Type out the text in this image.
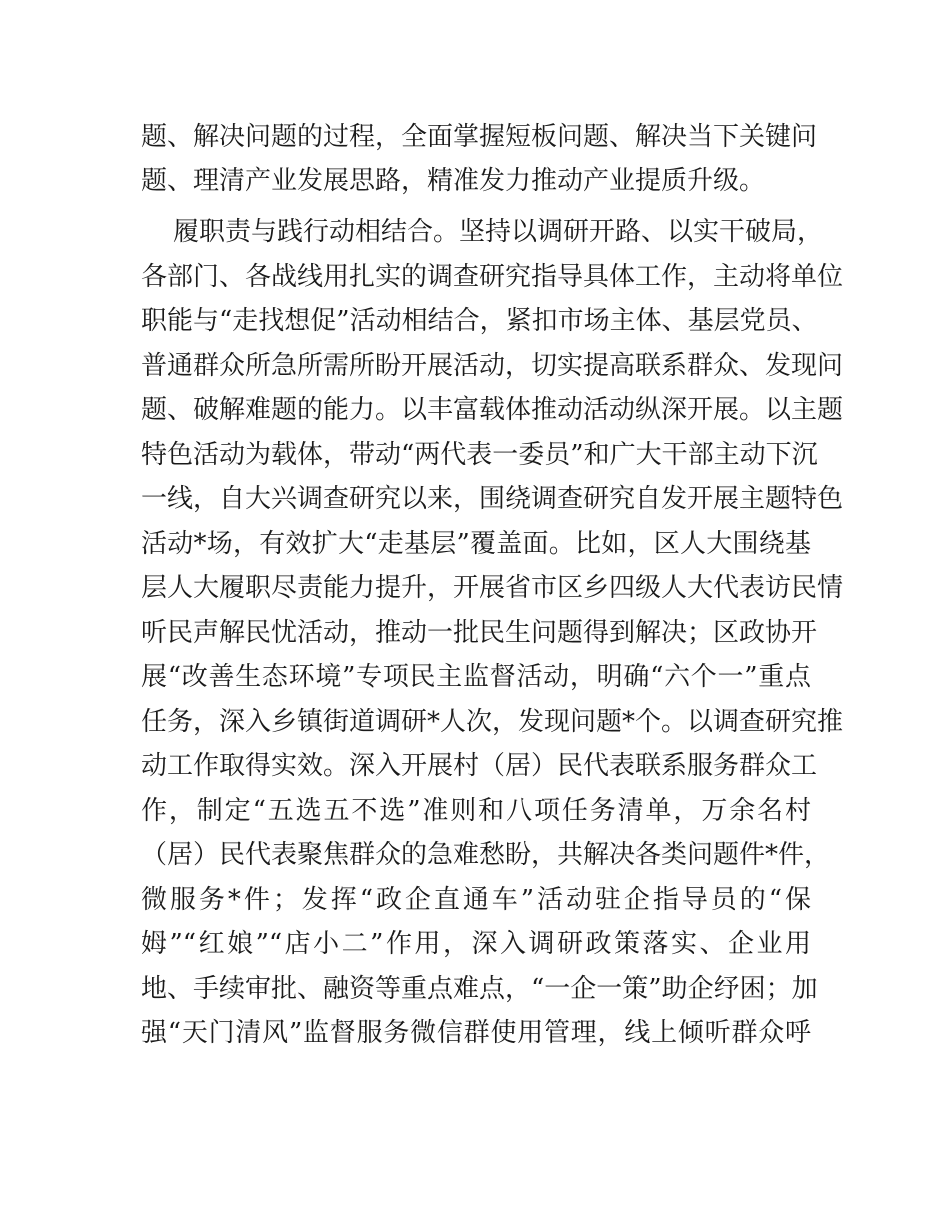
题、解决问题的过程，全面掌握短板问题、解决当下关键问
题、理清产业发展思路，精准发力推动产业提质升级。
履职责与践行动相结合。坚持以调研开路、以实干破局，
各部门、各战线用扎实的调查研究指导具体工作，主动将单位
职能与“走找想促”活动相结合，紧扣市场主体、基层党员、
普通群众所急所需所盼开展活动，切实提高联系群众、发现问
题、破解难题的能力。以丰富载体推动活动纵深开展。以主题
特色活动为载体，带动“两代表一委员”和广大干部主动下沉
一线，自大兴调查研究以来，围绕调查研究自发开展主题特色
活动*场，有效扩大“走基层”覆盖面。比如，区人大围绕基
层人大履职尽责能力提升，开展省市区乡四级人大代表访民情
听民声解民忧活动，推动一批民生问题得到解决；区政协开
展“改善生态环境”专项民主监督活动，明确“六个一”重点
任务，深入乡镇街道调研*人次，发现问题*个。以调查研究推
动工作取得实效。深入开展村（居）民代表联系服务群众工
作，制定“五选五不选”准则和八项任务清单，万余名村
（居）民代表聚焦群众的急难愁盼，共解决各类问题件*件，
微服务*件；发挥“政企直通车”活动驻企指导员的“保
姆”“红娘”“店小二”作用，深入调研政策落实、企业用
地、手续审批、融资等重点难点，“一企一策”助企纾困；加
强“天门清风”监督服务微信群使用管理，线上倾听群众呼
